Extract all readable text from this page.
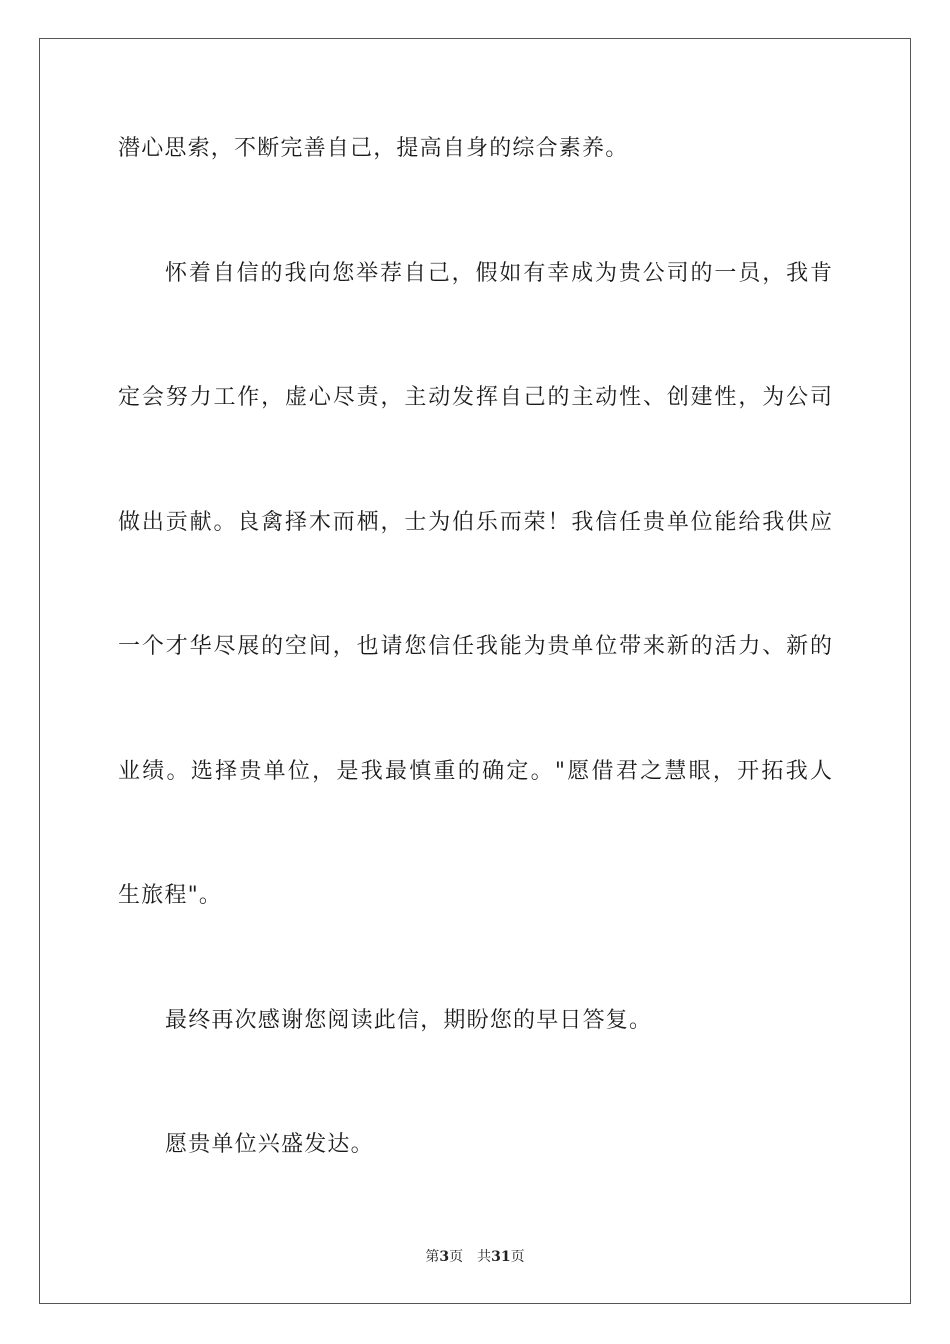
潜心思索，不断完善自己，提高自身的综合素养。
怀着自信的我向您举荐自己，假如有幸成为贵公司的一员，我肯
定会努力工作，虚心尽责，主动发挥自己的主动性、创建性，为公司
做出贡献。良禽择木而栖，士为伯乐而荣！我信任贵单位能给我供应
一个才华尽展的空间，也请您信任我能为贵单位带来新的活力、新的
业绩。选择贵单位，是我最慎重的确定。"愿借君之慧眼，开拓我人
生旅程"。
最终再次感谢您阅读此信，期盼您的早日答复。
愿贵单位兴盛发达。
第3页 共31页
